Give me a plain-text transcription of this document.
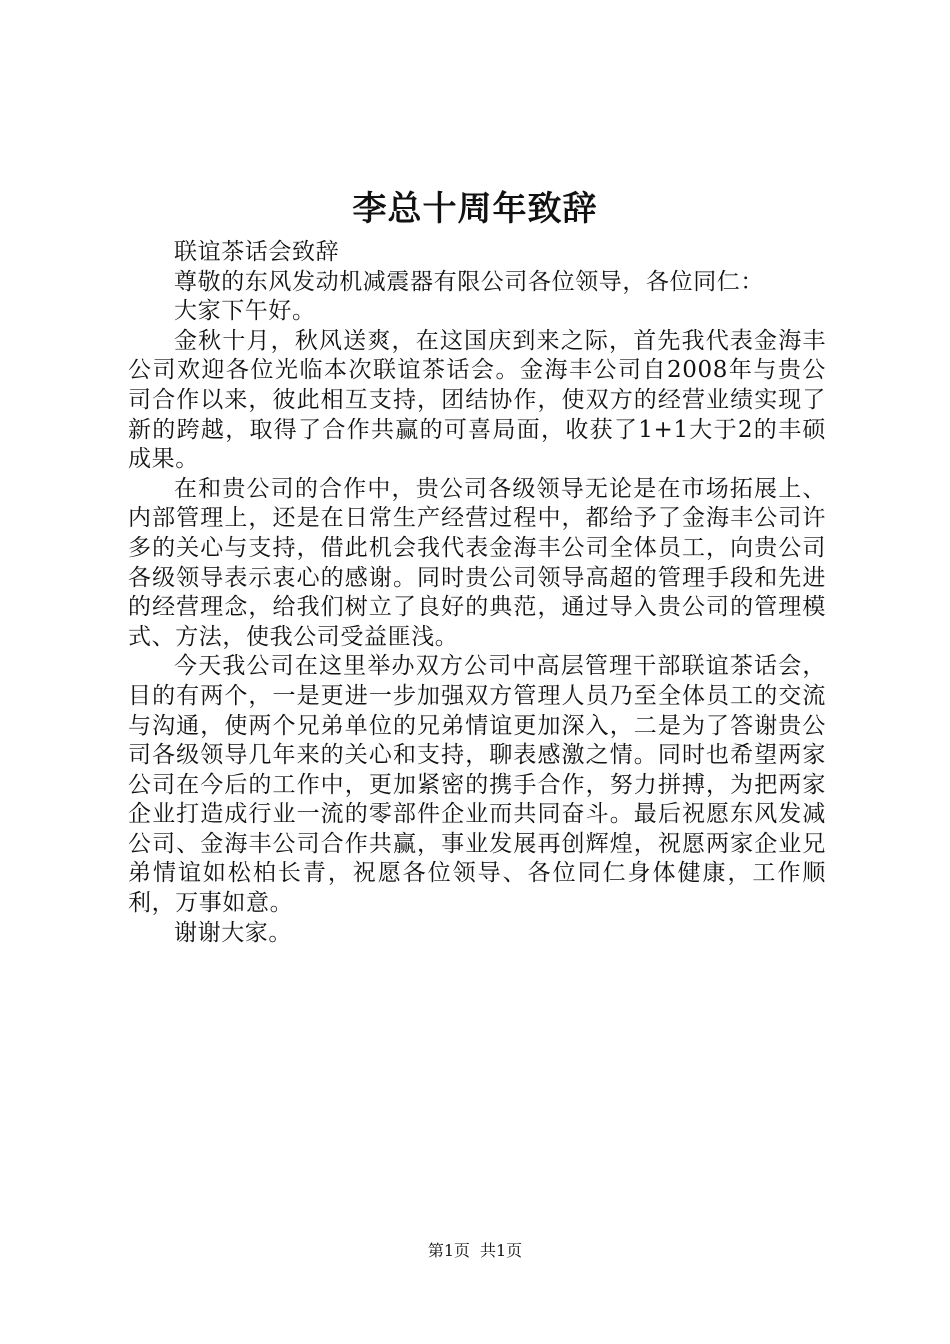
李总十周年致辞

联谊茶话会致辞

尊敬的东风发动机减震器有限公司各位领导，各位同仁：

大家下午好。

金秋十月，秋风送爽，在这国庆到来之际，首先我代表金海丰公司欢迎各位光临本次联谊茶话会。金海丰公司自2008年与贵公司合作以来，彼此相互支持，团结协作，使双方的经营业绩实现了新的跨越，取得了合作共赢的可喜局面，收获了1+1大于2的丰硕成果。

在和贵公司的合作中，贵公司各级领导无论是在市场拓展上、内部管理上，还是在日常生产经营过程中，都给予了金海丰公司许多的关心与支持，借此机会我代表金海丰公司全体员工，向贵公司各级领导表示衷心的感谢。同时贵公司领导高超的管理手段和先进的经营理念，给我们树立了良好的典范，通过导入贵公司的管理模式、方法，使我公司受益匪浅。

今天我公司在这里举办双方公司中高层管理干部联谊茶话会，目的有两个，一是更进一步加强双方管理人员乃至全体员工的交流与沟通，使两个兄弟单位的兄弟情谊更加深入，二是为了答谢贵公司各级领导几年来的关心和支持，聊表感激之情。同时也希望两家公司在今后的工作中，更加紧密的携手合作，努力拼搏，为把两家企业打造成行业一流的零部件企业而共同奋斗。最后祝愿东风发减公司、金海丰公司合作共赢，事业发展再创辉煌，祝愿两家企业兄弟情谊如松柏长青，祝愿各位领导、各位同仁身体健康，工作顺利，万事如意。

谢谢大家。

第1页 共1页
